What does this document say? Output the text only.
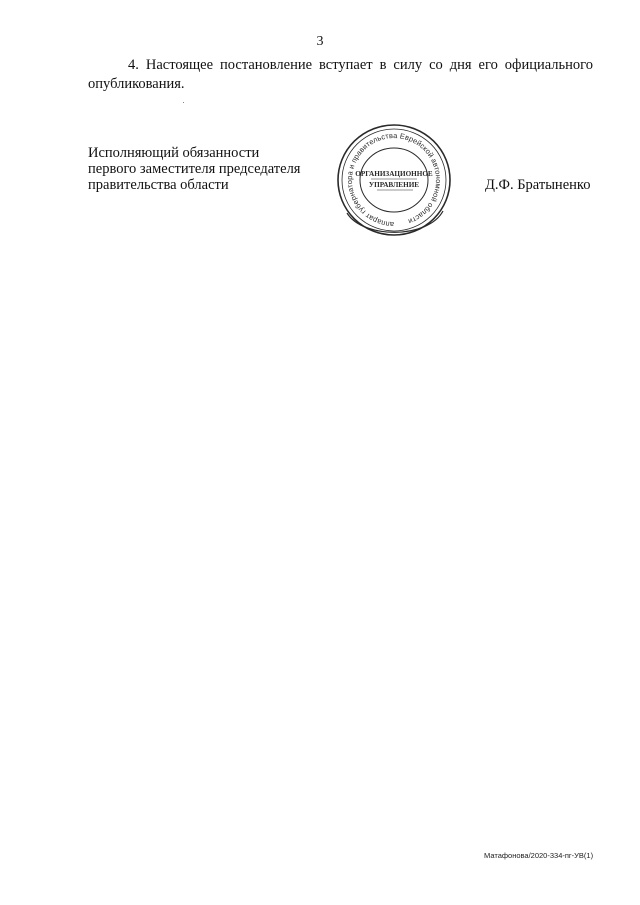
3
4. Настоящее постановление вступает в силу со дня его официального опубликования.
Исполняющий обязанности
первого заместителя председателя
правительства области
аппарат губернатора и правительства Еврейской автономной области
ОРГАНИЗАЦИОННОЕ
УПРАВЛЕНИЕ	Д.Ф. Братыненко
Матафонова/2020-334-пг-УВ(1)
